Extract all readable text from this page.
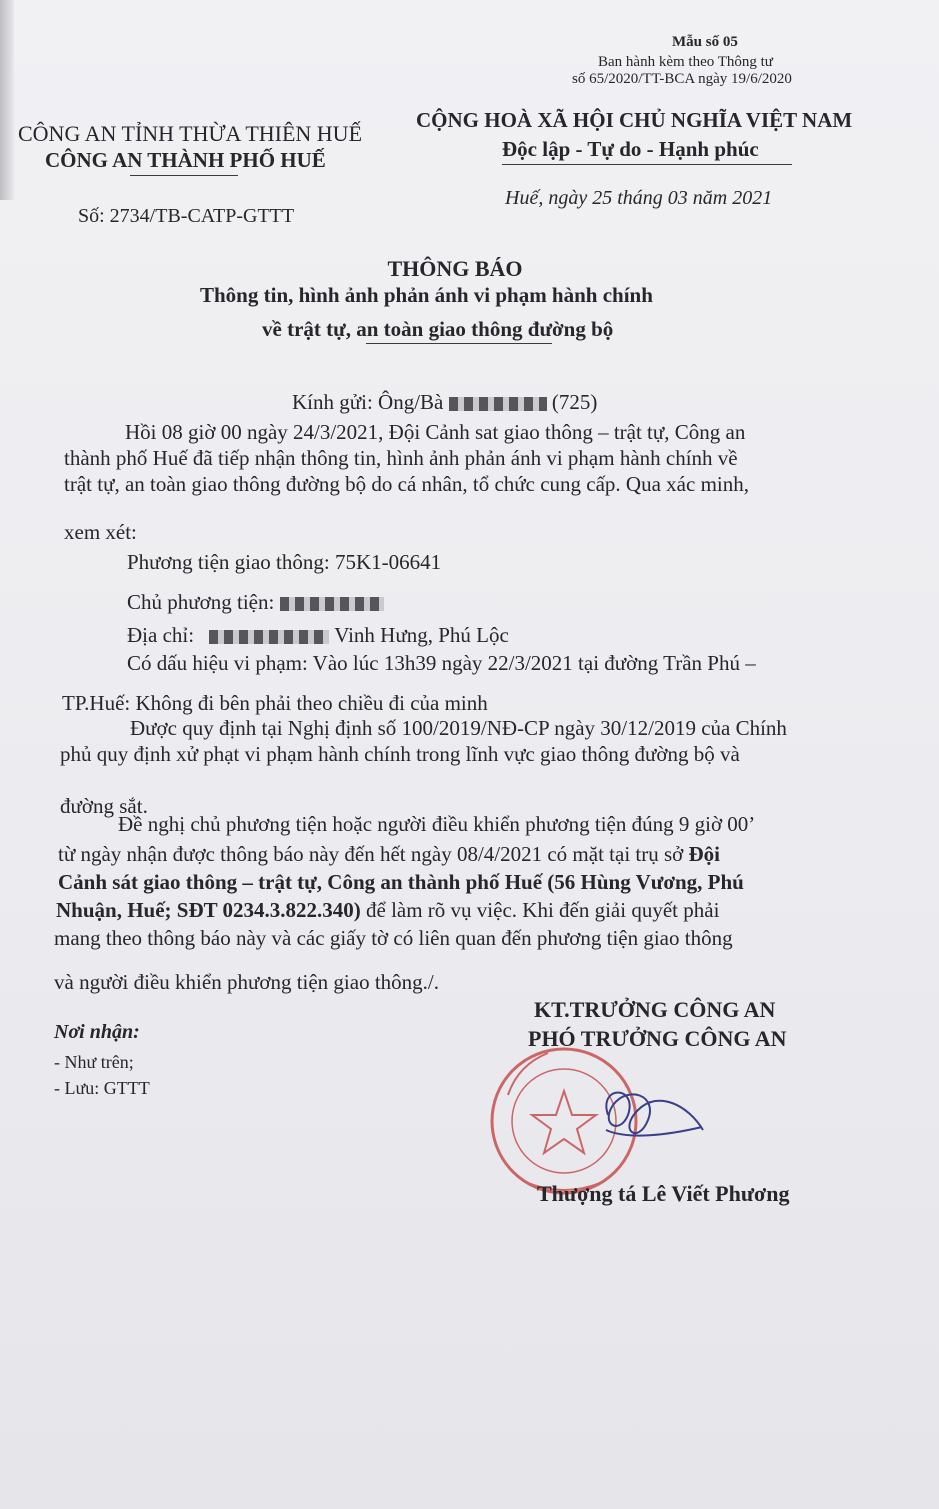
Mẫu số 05
Ban hành kèm theo Thông tư
số 65/2020/TT-BCA ngày 19/6/2020
CÔNG AN TỈNH THỪA THIÊN HUẾ
CÔNG AN THÀNH PHỐ HUẾ
Số: 2734/TB-CATP-GTTT
CỘNG HOÀ XÃ HỘI CHỦ NGHĨA VIỆT NAM
Độc lập - Tự do - Hạnh phúc
Huế, ngày 25 tháng 03 năm 2021
THÔNG BÁO
Thông tin, hình ảnh phản ánh vi phạm hành chính
về trật tự, an toàn giao thông đường bộ
Kính gửi: Ông/Bà	(725)
Hồi 08 giờ 00 ngày 24/3/2021, Đội Cảnh sat giao thông – trật tự, Công an
thành phố Huế đã tiếp nhận thông tin, hình ảnh phản ánh vi phạm hành chính về
trật tự, an toàn giao thông đường bộ do cá nhân, tổ chức cung cấp. Qua xác minh,
xem xét:
Phương tiện giao thông: 75K1-06641
Chủ phương tiện:
Địa chỉ:	Vinh Hưng, Phú Lộc
Có dấu hiệu vi phạm: Vào lúc 13h39 ngày 22/3/2021 tại đường Trần Phú –
TP.Huế: Không đi bên phải theo chiều đi của minh
Được quy định tại Nghị định số 100/2019/NĐ-CP ngày 30/12/2019 của Chính
phủ quy định xử phạt vi phạm hành chính trong lĩnh vực giao thông đường bộ và
đường sắt.
Đề nghị chủ phương tiện hoặc người điều khiển phương tiện đúng 9 giờ 00’
từ ngày nhận được thông báo này đến hết ngày 08/4/2021 có mặt tại trụ sở Đội
Cảnh sát giao thông – trật tự, Công an thành phố Huế (56 Hùng Vương, Phú
Nhuận, Huế; SĐT 0234.3.822.340) để làm rõ vụ việc. Khi đến giải quyết phải
mang theo thông báo này và các giấy tờ có liên quan đến phương tiện giao thông
và người điều khiển phương tiện giao thông./.
Nơi nhận:
- Như trên;
- Lưu: GTTT
KT.TRƯỞNG CÔNG AN
PHÓ TRƯỞNG CÔNG AN
Thượng tá Lê Viết Phương
